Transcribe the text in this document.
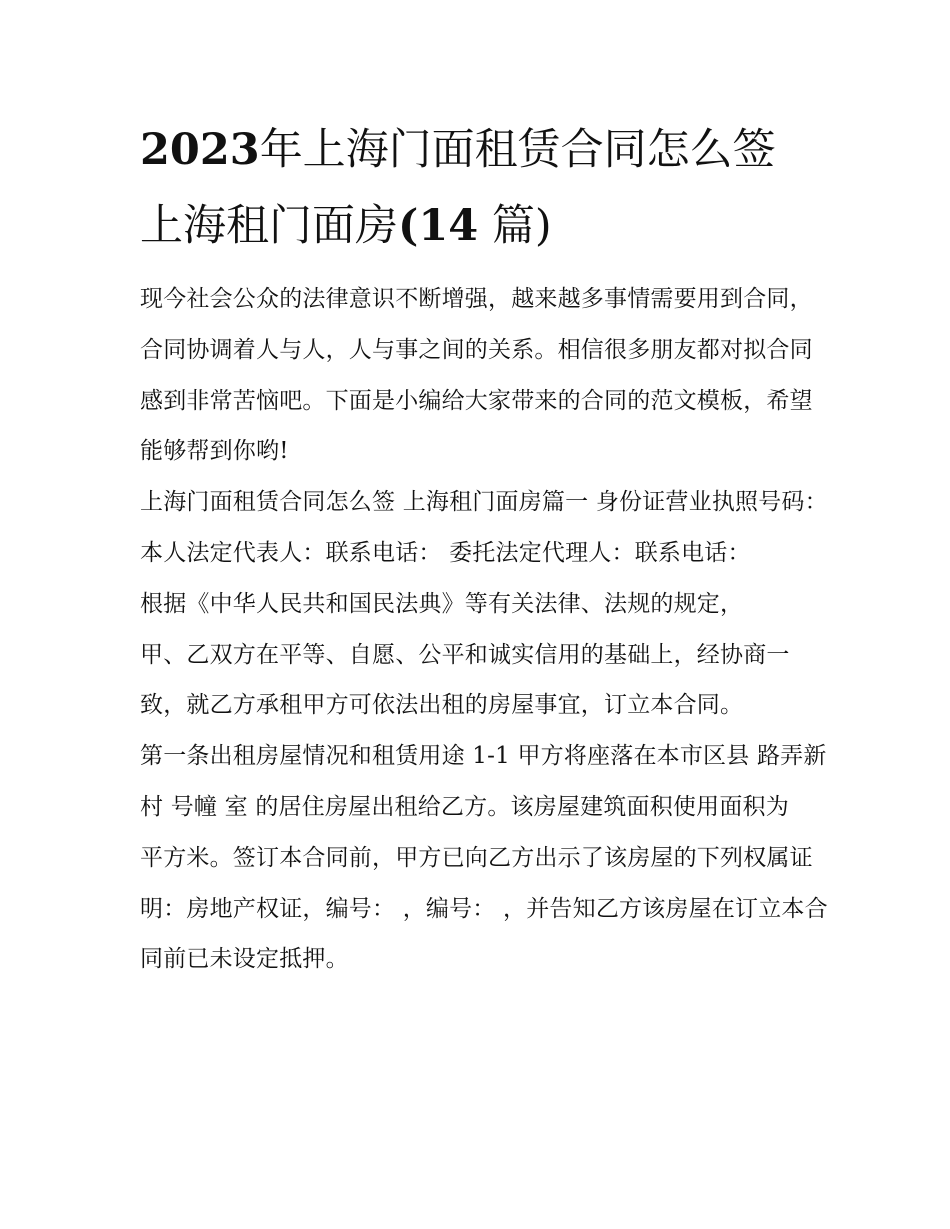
2023年上海门面租赁合同怎么签 上海租门面房(14 篇)

现今社会公众的法律意识不断增强，越来越多事情需要用到合同，合同协调着人与人，人与事之间的关系。相信很多朋友都对拟合同感到非常苦恼吧。下面是小编给大家带来的合同的范文模板，希望能够帮到你哟!

上海门面租赁合同怎么签 上海租门面房篇一 身份证营业执照号码： 本人法定代表人：联系电话： 委托法定代理人：联系电话：

根据《中华人民共和国民法典》等有关法律、法规的规定，

甲、乙双方在平等、自愿、公平和诚实信用的基础上，经协商一致，就乙方承租甲方可依法出租的房屋事宜，订立本合同。

第一条出租房屋情况和租赁用途 1-1 甲方将座落在本市区县 路弄新村 号幢 室 的居住房屋出租给乙方。该房屋建筑面积使用面积为

平方米。签订本合同前，甲方已向乙方出示了该房屋的下列权属证明：房地产权证，编号： ，编号： ，并告知乙方该房屋在订立本合同前已未设定抵押。
